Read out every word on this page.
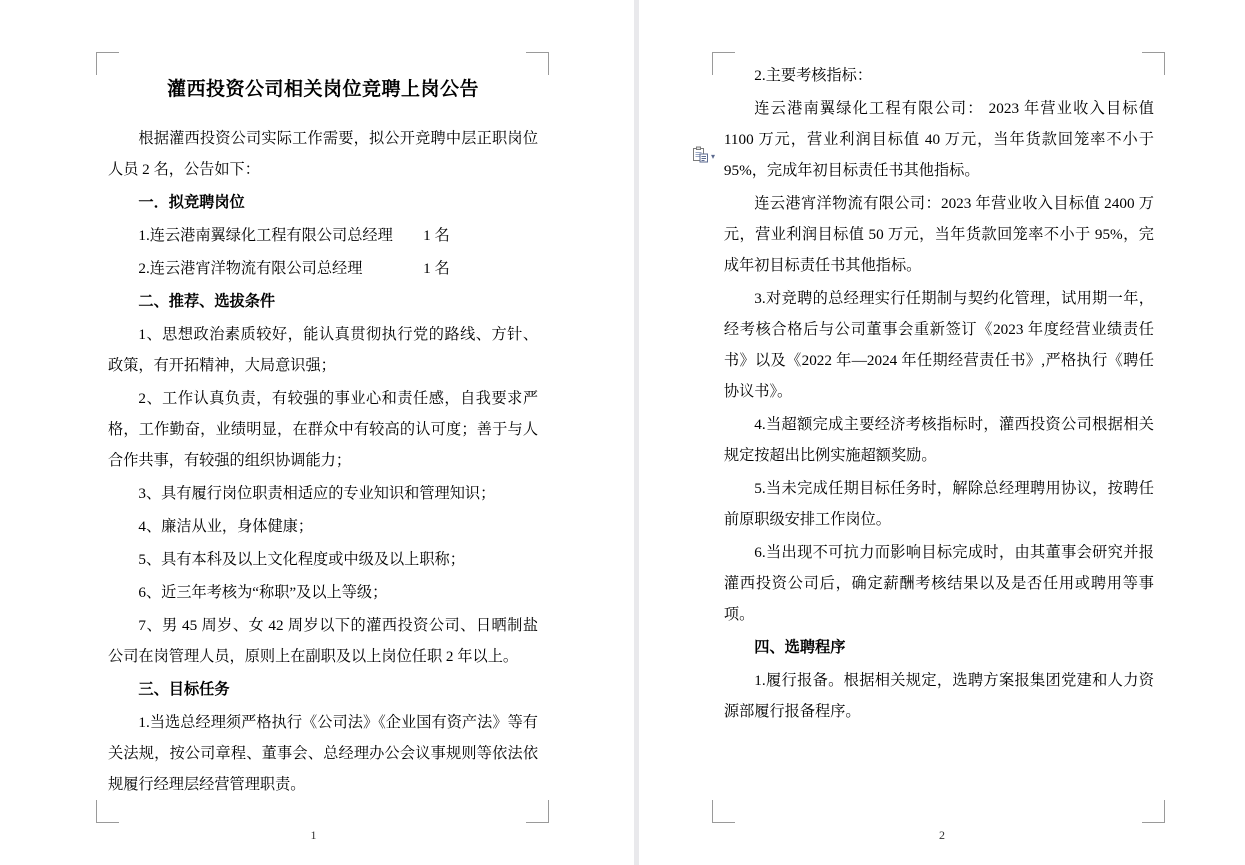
灌西投资公司相关岗位竞聘上岗公告

根据灌西投资公司实际工作需要，拟公开竞聘中层正职岗位人员 2 名，公告如下：

一．拟竞聘岗位

1.连云港南翼绿化工程有限公司总经理　　1 名

2.连云港宵洋物流有限公司总经理　　　　1 名

二、推荐、选拔条件

1、思想政治素质较好，能认真贯彻执行党的路线、方针、政策，有开拓精神，大局意识强；

2、工作认真负责，有较强的事业心和责任感，自我要求严格，工作勤奋，业绩明显，在群众中有较高的认可度；善于与人合作共事，有较强的组织协调能力；

3、具有履行岗位职责相适应的专业知识和管理知识；

4、廉洁从业，身体健康；

5、具有本科及以上文化程度或中级及以上职称；

6、近三年考核为“称职”及以上等级；

7、男 45 周岁、女 42 周岁以下的灌西投资公司、日晒制盐公司在岗管理人员，原则上在副职及以上岗位任职 2 年以上。

三、目标任务

1.当选总经理须严格执行《公司法》《企业国有资产法》等有关法规，按公司章程、董事会、总经理办公会议事规则等依法依规履行经理层经营管理职责。

1

2.主要考核指标：

连云港南翼绿化工程有限公司： 2023 年营业收入目标值 1100 万元，营业利润目标值 40 万元，当年货款回笼率不小于 95%，完成年初目标责任书其他指标。

连云港宵洋物流有限公司：2023 年营业收入目标值 2400 万元，营业利润目标值 50 万元，当年货款回笼率不小于 95%，完成年初目标责任书其他指标。

3.对竞聘的总经理实行任期制与契约化管理，试用期一年，经考核合格后与公司董事会重新签订《2023 年度经营业绩责任书》以及《2022 年—2024 年任期经营责任书》,严格执行《聘任协议书》。

4.当超额完成主要经济考核指标时，灌西投资公司根据相关规定按超出比例实施超额奖励。

5.当未完成任期目标任务时，解除总经理聘用协议，按聘任前原职级安排工作岗位。

6.当出现不可抗力而影响目标完成时，由其董事会研究并报灌西投资公司后，确定薪酬考核结果以及是否任用或聘用等事项。

四、选聘程序

1.履行报备。根据相关规定，选聘方案报集团党建和人力资源部履行报备程序。

2
▾
